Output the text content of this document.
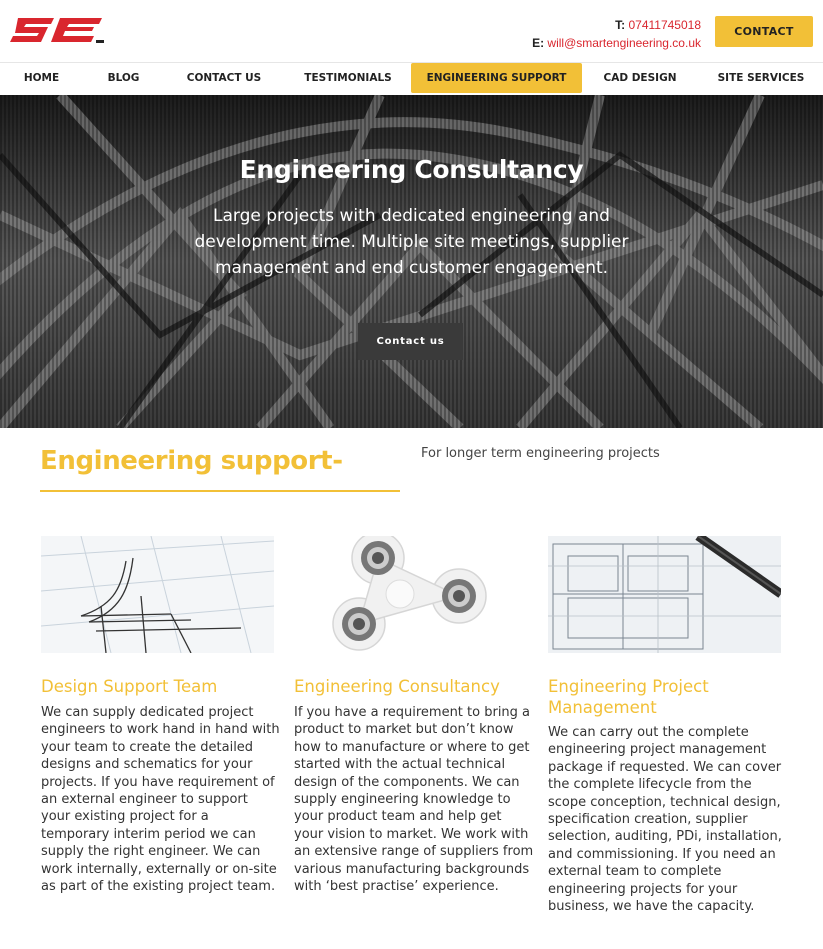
T: 07411745018
E: will@smartengineering.co.uk
CONTACT
HOME	BLOG	CONTACT US	TESTIMONIALS	ENGINEERING SUPPORT	CAD DESIGN	SITE SERVICES
Engineering Consultancy
Large projects with dedicated engineering and development time. Multiple site meetings, supplier management and end customer engagement.
Contact us
Engineering support-	For longer term engineering projects
Design Support Team
We can supply dedicated project engineers to work hand in hand with your team to create the detailed designs and schematics for your projects. If you have requirement of an external engineer to support your existing project for a temporary interim period we can supply the right engineer. We can work internally, externally or on-site as part of the existing project team.
Engineering Consultancy
If you have a requirement to bring a product to market but don’t know how to manufacture or where to get started with the actual technical design of the components. We can supply engineering knowledge to your product team and help get your vision to market. We work with an extensive range of suppliers from various manufacturing backgrounds with ‘best practise’ experience.
Engineering Project Management
We can carry out the complete engineering project management package if requested. We can cover the complete lifecycle from the scope conception, technical design, specification creation, supplier selection, auditing, PDi, installation, and commissioning. If you need an external team to complete engineering projects for your business, we have the capacity.
